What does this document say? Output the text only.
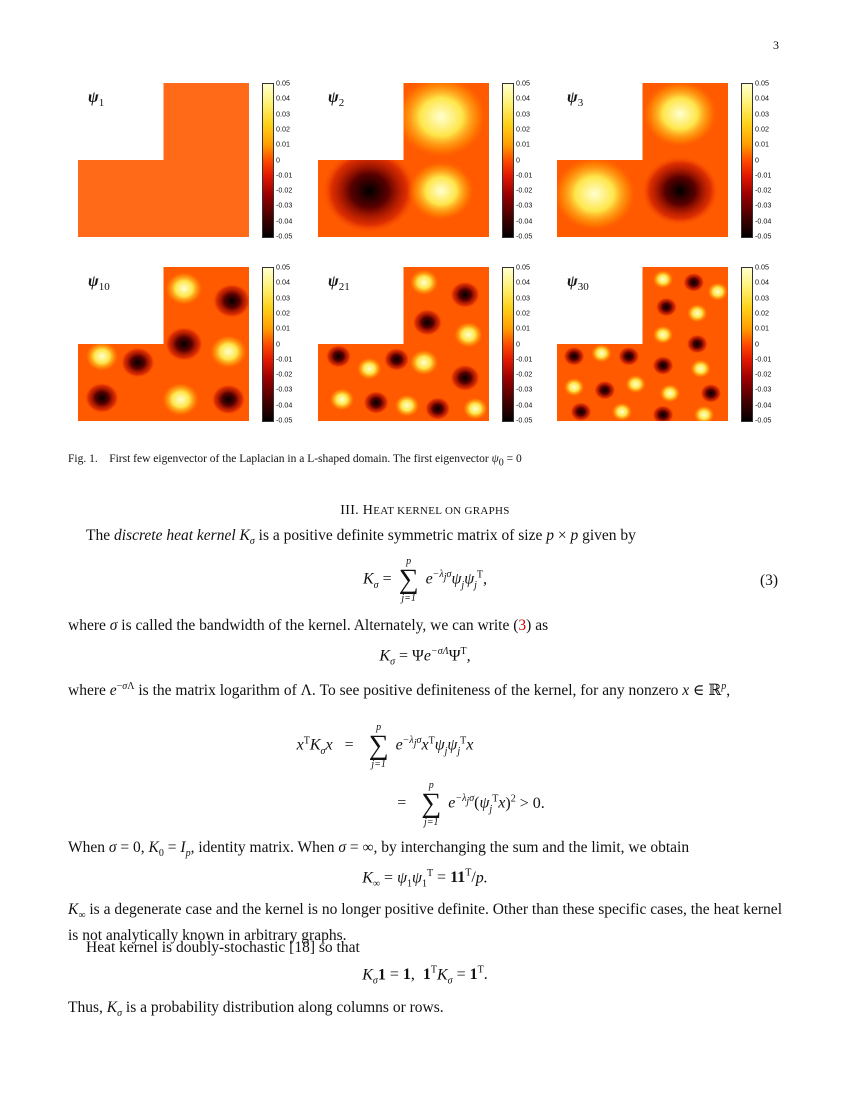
3
$\psi_1$
0.05
0.04
0.03
0.02
0.01
0
-0.01
-0.02
-0.03
-0.04
-0.05
$\psi_2$
0.05
0.04
0.03
0.02
0.01
0
-0.01
-0.02
-0.03
-0.04
-0.05
$\psi_3$
0.05
0.04
0.03
0.02
0.01
0
-0.01
-0.02
-0.03
-0.04
-0.05
$\psi_{10}$
0.05
0.04
0.03
0.02
0.01
0
-0.01
-0.02
-0.03
-0.04
-0.05
$\psi_{21}$
0.05
0.04
0.03
0.02
0.01
0
-0.01
-0.02
-0.03
-0.04
-0.05
$\psi_{30}$
0.05
0.04
0.03
0.02
0.01
0
-0.01
-0.02
-0.03
-0.04
-0.05
Fig. 1. First few eigenvector of the Laplacian in a L-shaped domain. The first eigenvector $\psi_0 = 0$
III. HEAT KERNEL ON GRAPHS
The discrete heat kernel $K_\sigma$ is a positive definite symmetric matrix of size p × p given by
$K_\sigma$ =
p
∑
j=1
$e^{-\lambda_j\sigma}\psi_j\psi_j^T$,	(3)
where σ is called the bandwidth of the kernel. Alternately, we can write (3) as
$K_\sigma = \Psi e^{-\sigma\Lambda}\Psi^T$,
where $e^{-\sigma\Lambda}$ is the matrix logarithm of Λ. To see positive definiteness of the kernel, for any nonzero x ∈ ℝ$^p$,
$x^TK_\sigma x$   =
p
∑
j=1
$e^{-\lambda_j\sigma}x^T\psi_j\psi_j^Tx$
=
p
∑
j=1
$e^{-\lambda_j\sigma}(\psi_j^Tx)^2 > 0$.
When σ = 0, $K_0 = I_p$, identity matrix. When σ = ∞, by interchanging the sum and the limit, we obtain
$K_\infty = \psi_1\psi_1^T = 11^T/p$.
$K_\infty$ is a degenerate case and the kernel is no longer positive definite. Other than these specific cases, the heat kernel is not analytically known in arbitrary graphs.
Heat kernel is doubly-stochastic [18] so that
$K_\sigma 1 = 1$,  $1^TK_\sigma = 1^T$.
Thus, $K_\sigma$ is a probability distribution along columns or rows.
